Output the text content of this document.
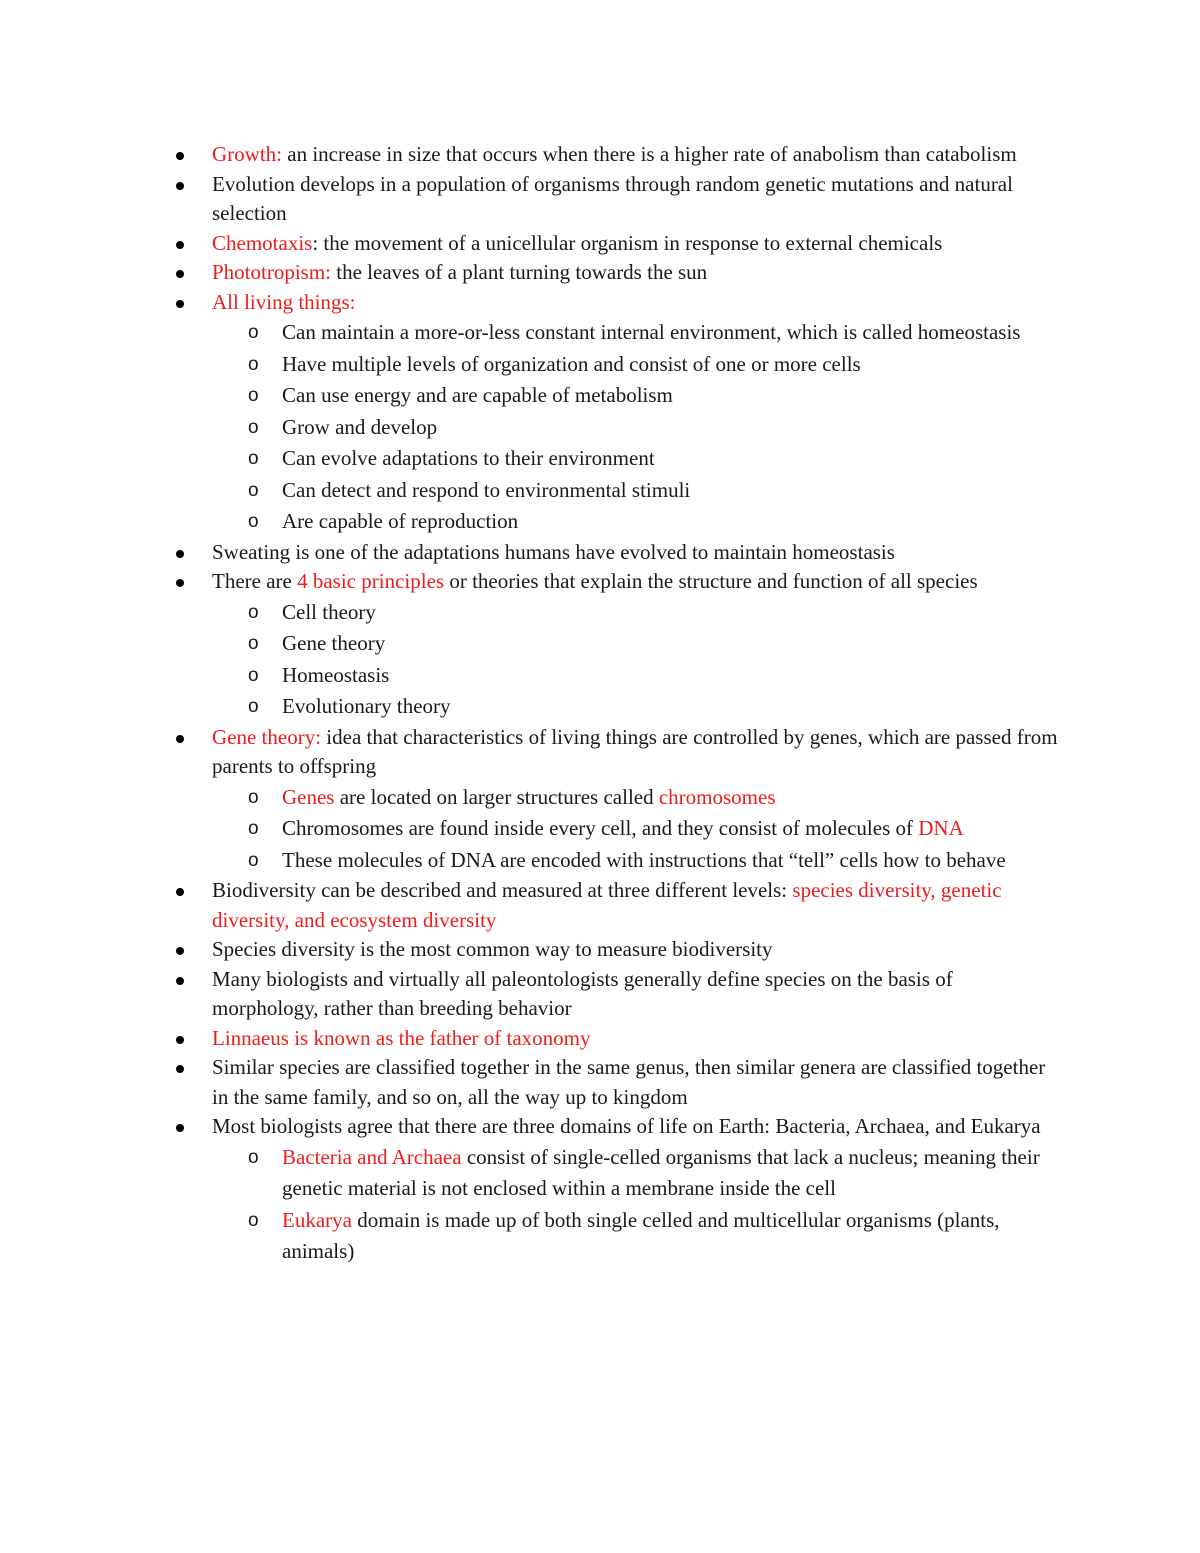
Growth: an increase in size that occurs when there is a higher rate of anabolism than catabolism
Evolution develops in a population of organisms through random genetic mutations and natural selection
Chemotaxis: the movement of a unicellular organism in response to external chemicals
Phototropism: the leaves of a plant turning towards the sun
All living things:
o Can maintain a more-or-less constant internal environment, which is called homeostasis
o Have multiple levels of organization and consist of one or more cells
o Can use energy and are capable of metabolism
o Grow and develop
o Can evolve adaptations to their environment
o Can detect and respond to environmental stimuli
o Are capable of reproduction
Sweating is one of the adaptations humans have evolved to maintain homeostasis
There are 4 basic principles or theories that explain the structure and function of all species
o Cell theory
o Gene theory
o Homeostasis
o Evolutionary theory
Gene theory: idea that characteristics of living things are controlled by genes, which are passed from parents to offspring
o Genes are located on larger structures called chromosomes
o Chromosomes are found inside every cell, and they consist of molecules of DNA
o These molecules of DNA are encoded with instructions that “tell” cells how to behave
Biodiversity can be described and measured at three different levels: species diversity, genetic diversity, and ecosystem diversity
Species diversity is the most common way to measure biodiversity
Many biologists and virtually all paleontologists generally define species on the basis of morphology, rather than breeding behavior
Linnaeus is known as the father of taxonomy
Similar species are classified together in the same genus, then similar genera are classified together in the same family, and so on, all the way up to kingdom
Most biologists agree that there are three domains of life on Earth: Bacteria, Archaea, and Eukarya
o Bacteria and Archaea consist of single-celled organisms that lack a nucleus; meaning their genetic material is not enclosed within a membrane inside the cell
o Eukarya domain is made up of both single celled and multicellular organisms (plants, animals)
